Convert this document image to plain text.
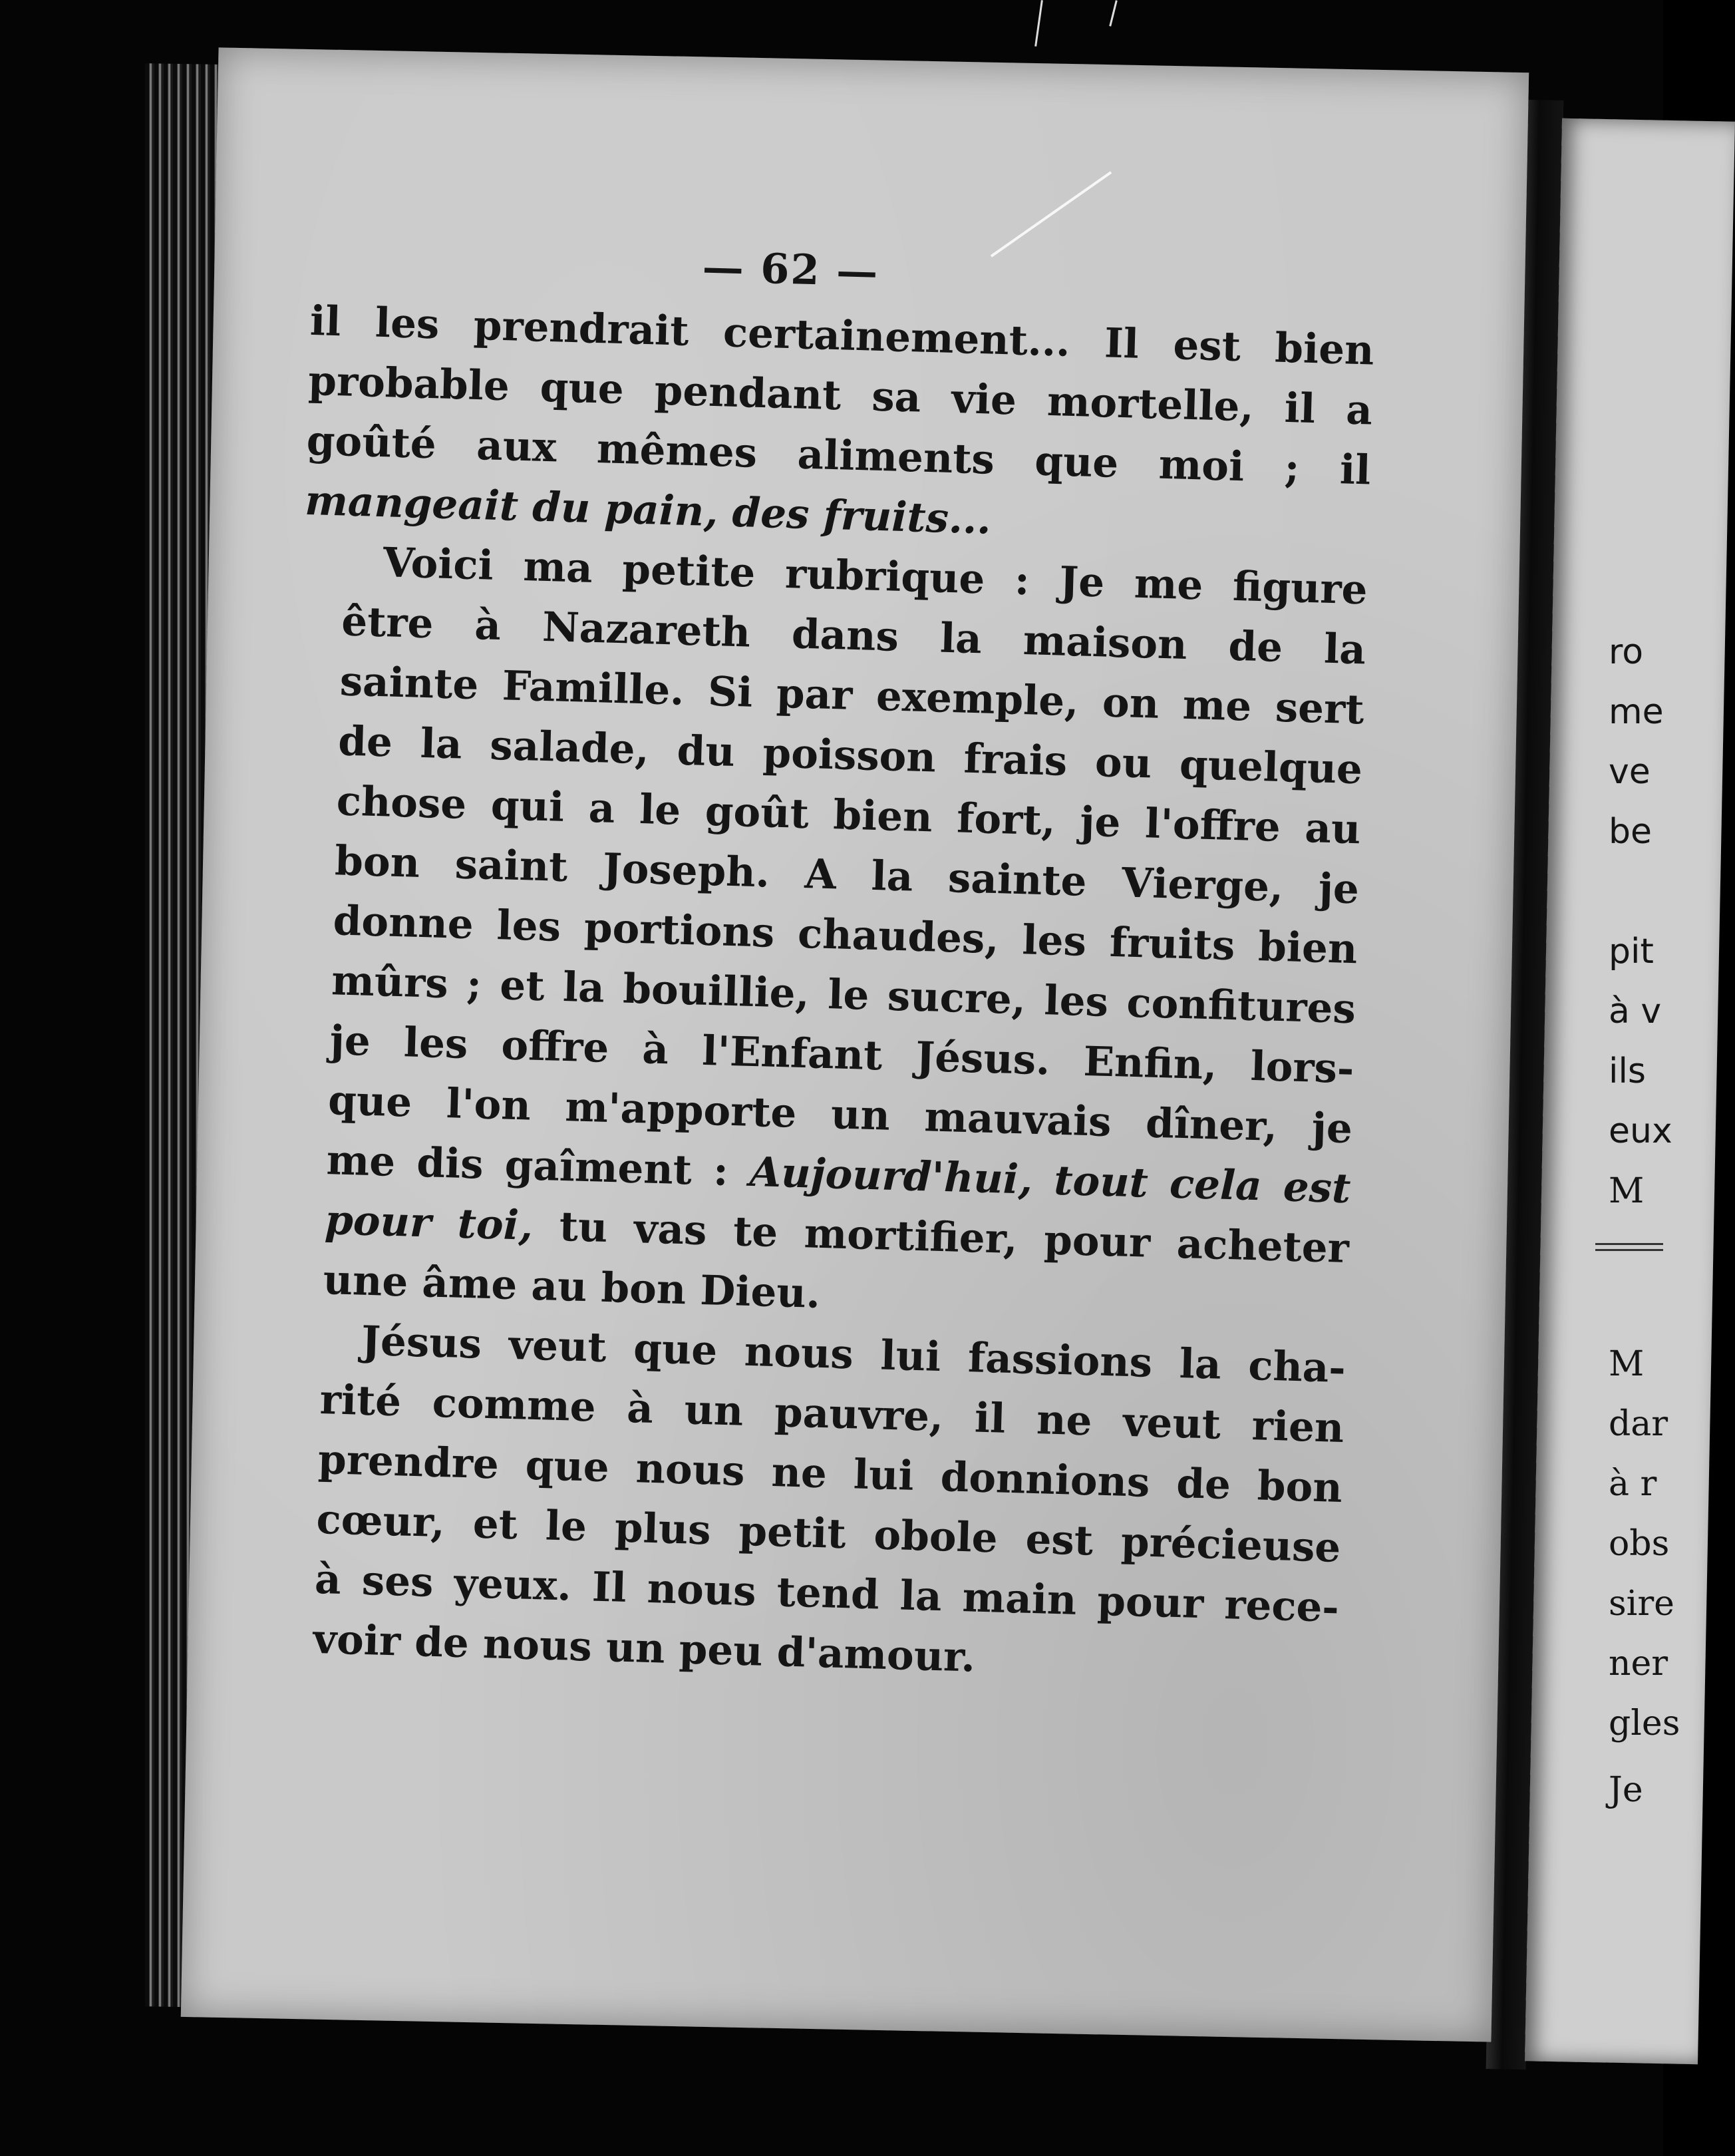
ro
me
ve
be
pit
à v
ils
eux
M
M
dar
à r
obs
sire
ner
gles
Je
— 62 —
il les prendrait certainement... Il est bien
probable que pendant sa vie mortelle, il a
goûté aux mêmes aliments que moi ; il
mangeait du pain, des fruits...
Voici ma petite rubrique : Je me figure
être à Nazareth dans la maison de la
sainte Famille. Si par exemple, on me sert
de la salade, du poisson frais ou quelque
chose qui a le goût bien fort, je l'offre au
bon saint Joseph. A la sainte Vierge, je
donne les portions chaudes, les fruits bien
mûrs ; et la bouillie, le sucre, les confitures
je les offre à l'Enfant Jésus. Enfin, lors-
que l'on m'apporte un mauvais dîner, je
me dis gaîment : Aujourd'hui, tout cela est
pour toi, tu vas te mortifier, pour acheter
une âme au bon Dieu.
Jésus veut que nous lui fassions la cha-
rité comme à un pauvre, il ne veut rien
prendre que nous ne lui donnions de bon
cœur, et le plus petit obole est précieuse
à ses yeux. Il nous tend la main pour rece-
voir de nous un peu d'amour.
